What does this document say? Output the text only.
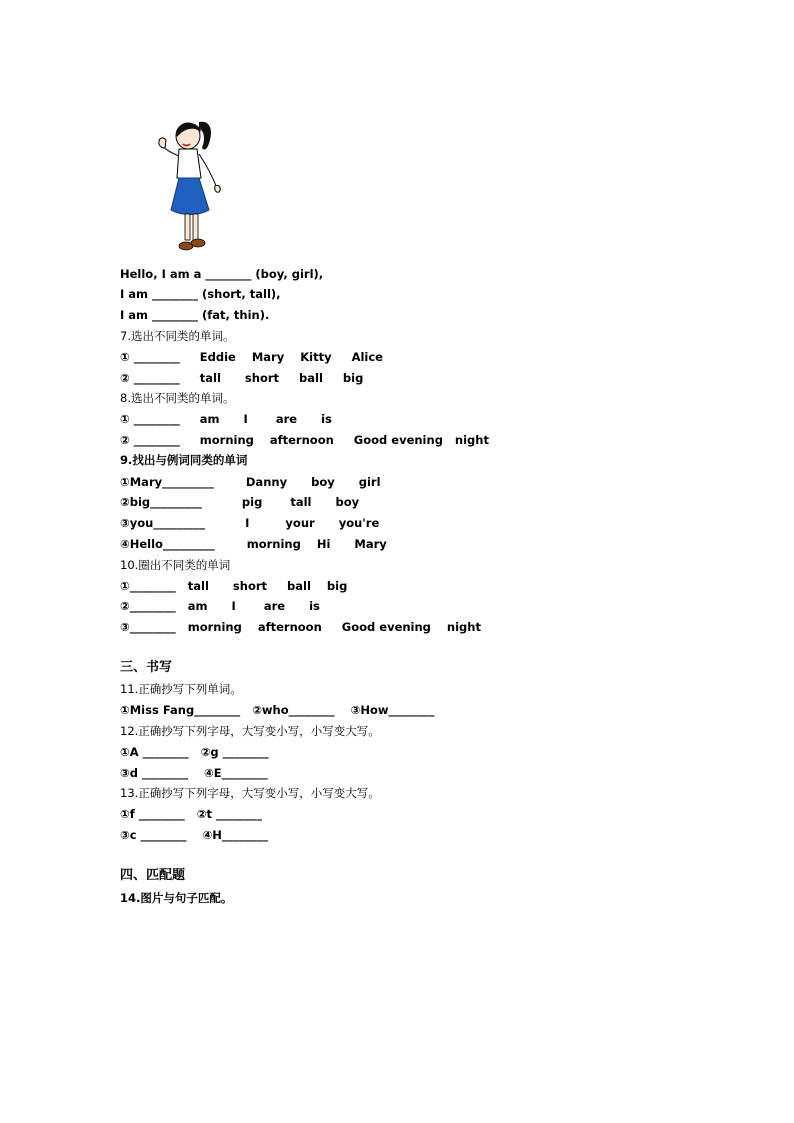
Hello, I am a ________ (boy, girl),
I am ________ (short, tall),
I am ________ (fat, thin).
7.选出不同类的单词。
① ________     Eddie    Mary    Kitty     Alice
② ________     tall      short     ball     big
8.选出不同类的单词。
① ________     am      I       are      is
② ________     morning    afternoon     Good evening   night
9.找出与例词同类的单词
①Mary_________        Danny      boy      girl
②big_________          pig       tall      boy
③you_________          I         your      you're
④Hello_________        morning    Hi      Mary
10.圈出不同类的单词
①________   tall      short     ball    big
②________   am      I       are      is
③________   morning    afternoon     Good evening    night
三、书写
11.正确抄写下列单词。
①Miss Fang________   ②who________    ③How________
12.正确抄写下列字母，大写变小写，小写变大写。
①A ________   ②g ________
③d ________    ④E________
13.正确抄写下列字母，大写变小写，小写变大写。
①f ________   ②t ________
③c ________    ④H________
四、匹配题
14.图片与句子匹配。
